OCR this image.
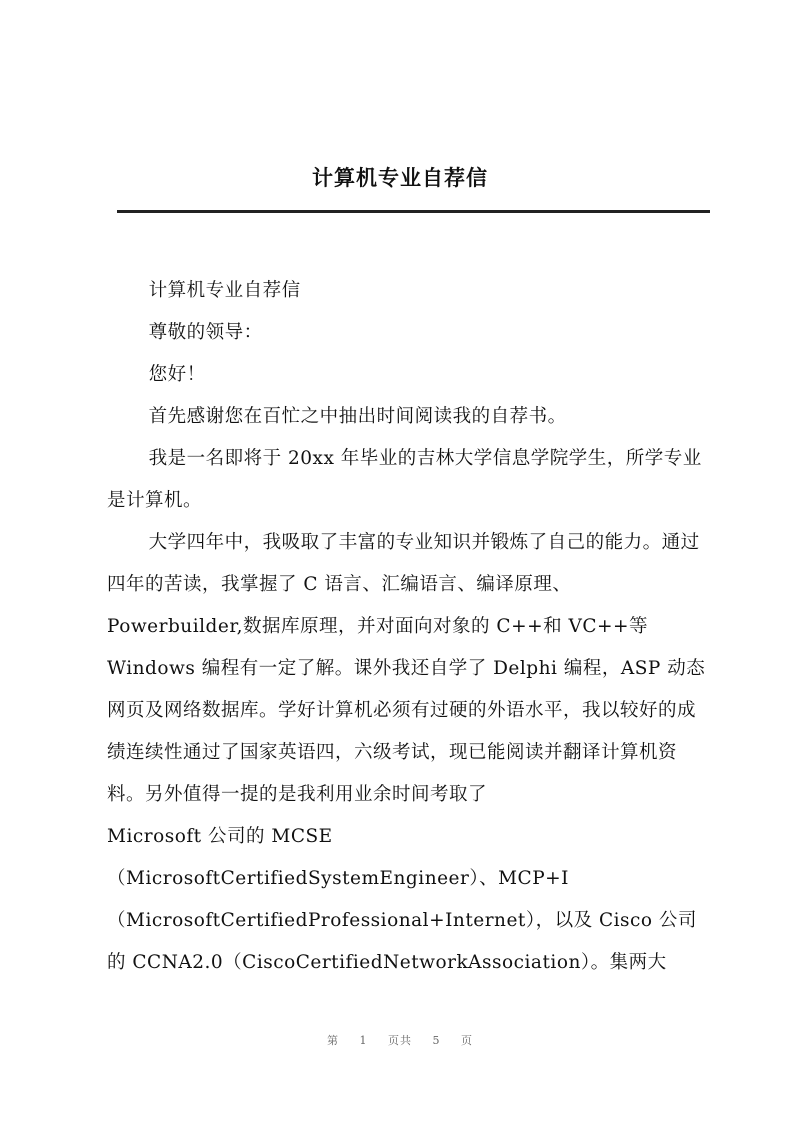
计算机专业自荐信

计算机专业自荐信

尊敬的领导：

您好！

首先感谢您在百忙之中抽出时间阅读我的自荐书。

我是一名即将于 20xx 年毕业的吉林大学信息学院学生，所学专业是计算机。

大学四年中，我吸取了丰富的专业知识并锻炼了自己的能力。通过四年的苦读，我掌握了 C 语言、汇编语言、编译原理、Powerbuilder,数据库原理，并对面向对象的 C++和 VC++等 Windows 编程有一定了解。课外我还自学了 Delphi 编程，ASP 动态网页及网络数据库。学好计算机必须有过硬的外语水平，我以较好的成绩连续性通过了国家英语四，六级考试，现已能阅读并翻译计算机资料。另外值得一提的是我利用业余时间考取了

Microsoft 公司的 MCSE

（MicrosoftCertifiedSystemEngineer）、MCP+I

（MicrosoftCertifiedProfessional+Internet），以及 Cisco 公司的 CCNA2.0（CiscoCertifiedNetworkAssociation）。集两大

第 1 页共 5 页
